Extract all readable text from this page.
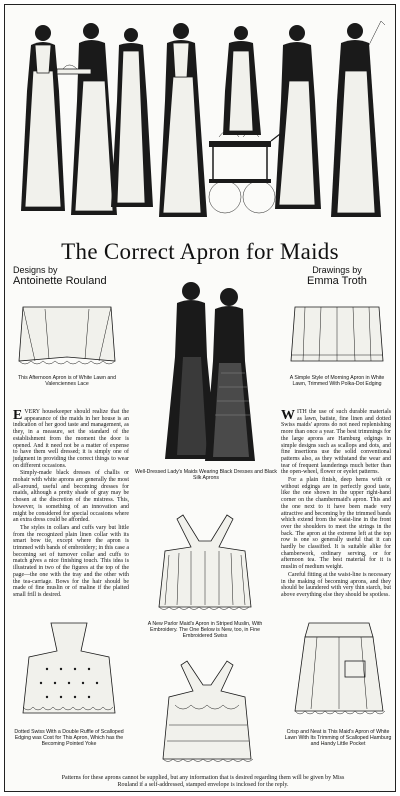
The Correct Apron for Maids
Designs by
Antoinette Rouland
Drawings by
Emma Troth
This Afternoon Apron is of White Lawn and Valenciennes Lace
Well-Dressed Lady's Maids Wearing Black Dresses and Black Silk Aprons
A Simple Style of Morning Apron in White Lawn, Trimmed With Polka-Dot Edging

EVERY housekeeper should realize that the appearance of the maids in her house is an indication of her good taste and management, as they, in a measure, set the standard of the establishment from the moment the door is opened. And it need not be a matter of expense to have them well dressed; it is simply one of judgment in providing the correct things to wear on different occasions.

Simply-made black dresses of challis or mohair with white aprons are generally the most all-around, useful and becoming dresses for maids, although a pretty shade of gray may be chosen at the discretion of the mistress. This, however, is something of an innovation and might be considered for special occasions where an extra dress could be afforded.

The styles in collars and cuffs vary but little from the recognized plain linen collar with its smart bow tie, except where the apron is trimmed with bands of embroidery; in this case a becoming set of turnover collar and cuffs to match gives a nice finishing touch. This idea is illustrated in two of the figures at the top of the page—the one with the tray and the other with the tea-carriage. Bows for the hair should be made of fine muslin or of maline if the plaited small frill is desired.

WITH the use of such durable materials as lawn, batiste, fine linen and dotted Swiss maids' aprons do not need replenishing more than once a year. The best trimmings for the large aprons are Hamburg edgings in simple designs such as scallops and dots, and fine insertions use the solid conventional patterns also, as they withstand the wear and tear of frequent launderings much better than the open-wheel, flower or eyelet patterns.

For a plain finish, deep hems with or without edgings are in perfectly good taste, like the one shown in the upper right-hand corner on the chambermaid's apron. This and the one next to it have been made very attractive and becoming by the trimmed bands which extend from the waist-line in the front over the shoulders to meet the strings in the back. The apron at the extreme left at the top row is one so generally useful that it can hardly be classified. It is suitable alike for chamberwork, ordinary serving, or for afternoon tea. The best material for it is muslin of medium weight.

Careful fitting at the waist-line is necessary in the making of becoming aprons, and they should be laundered with very thin starch, but above everything else they should be spotless.

A New Parlor Maid's Apron in Striped Muslin, With Embroidery. The One Below is New, too, in Fine Embroidered Swiss
Dotted Swiss With a Double Ruffle of Scalloped Edging was Cost for This Apron, Which has the Becoming Pointed Yoke
Crisp and Neat is This Maid's Apron of White Lawn With Its Trimming of Scalloped Hamburg and Handy Little Pocket
Patterns for these aprons cannot be supplied, but any information that is desired regarding them will be given by Miss Rouland if a self-addressed, stamped envelope is inclosed for the reply.
